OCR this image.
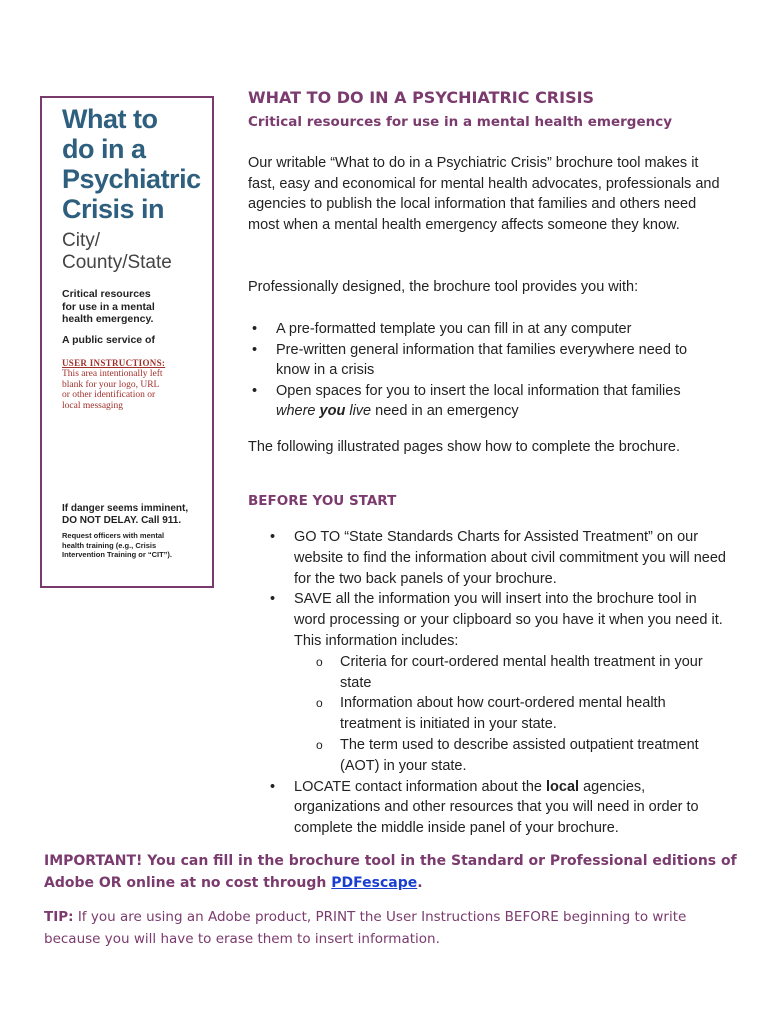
What to
do in a
Psychiatric
Crisis in
City/
County/State
Critical resources
for use in a mental
health emergency.
A public service of
USER INSTRUCTIONS:
This area intentionally left
blank for your logo, URL
or other identification or
local messaging
If danger seems imminent,
DO NOT DELAY. Call 911.
Request officers with mental
health training (e.g., Crisis
Intervention Training or “CIT”).
WHAT TO DO IN A PSYCHIATRIC CRISIS
Critical resources for use in a mental health emergency
Our writable “What to do in a Psychiatric Crisis” brochure tool makes it fast, easy and economical for mental health advocates, professionals and agencies to publish the local information that families and others need most when a mental health emergency affects someone they know.
Professionally designed, the brochure tool provides you with:
• A pre-formatted template you can fill in at any computer
• Pre-written general information that families everywhere need to know in a crisis
• Open spaces for you to insert the local information that families
where you live need in an emergency
The following illustrated pages show how to complete the brochure.
BEFORE YOU START
• GO TO “State Standards Charts for Assisted Treatment” on our website to find the information about civil commitment you will need for the two back panels of your brochure.
• SAVE all the information you will insert into the brochure tool in word processing or your clipboard so you have it when you need it. This information includes:
o Criteria for court-ordered mental health treatment in your state
o Information about how court-ordered mental health treatment is initiated in your state.
o The term used to describe assisted outpatient treatment (AOT) in your state.
• LOCATE contact information about the local agencies, organizations and other resources that you will need in order to complete the middle inside panel of your brochure.
IMPORTANT! You can fill in the brochure tool in the Standard or Professional editions of Adobe OR online at no cost through PDFescape.
TIP: If you are using an Adobe product, PRINT the User Instructions BEFORE beginning to write because you will have to erase them to insert information.
